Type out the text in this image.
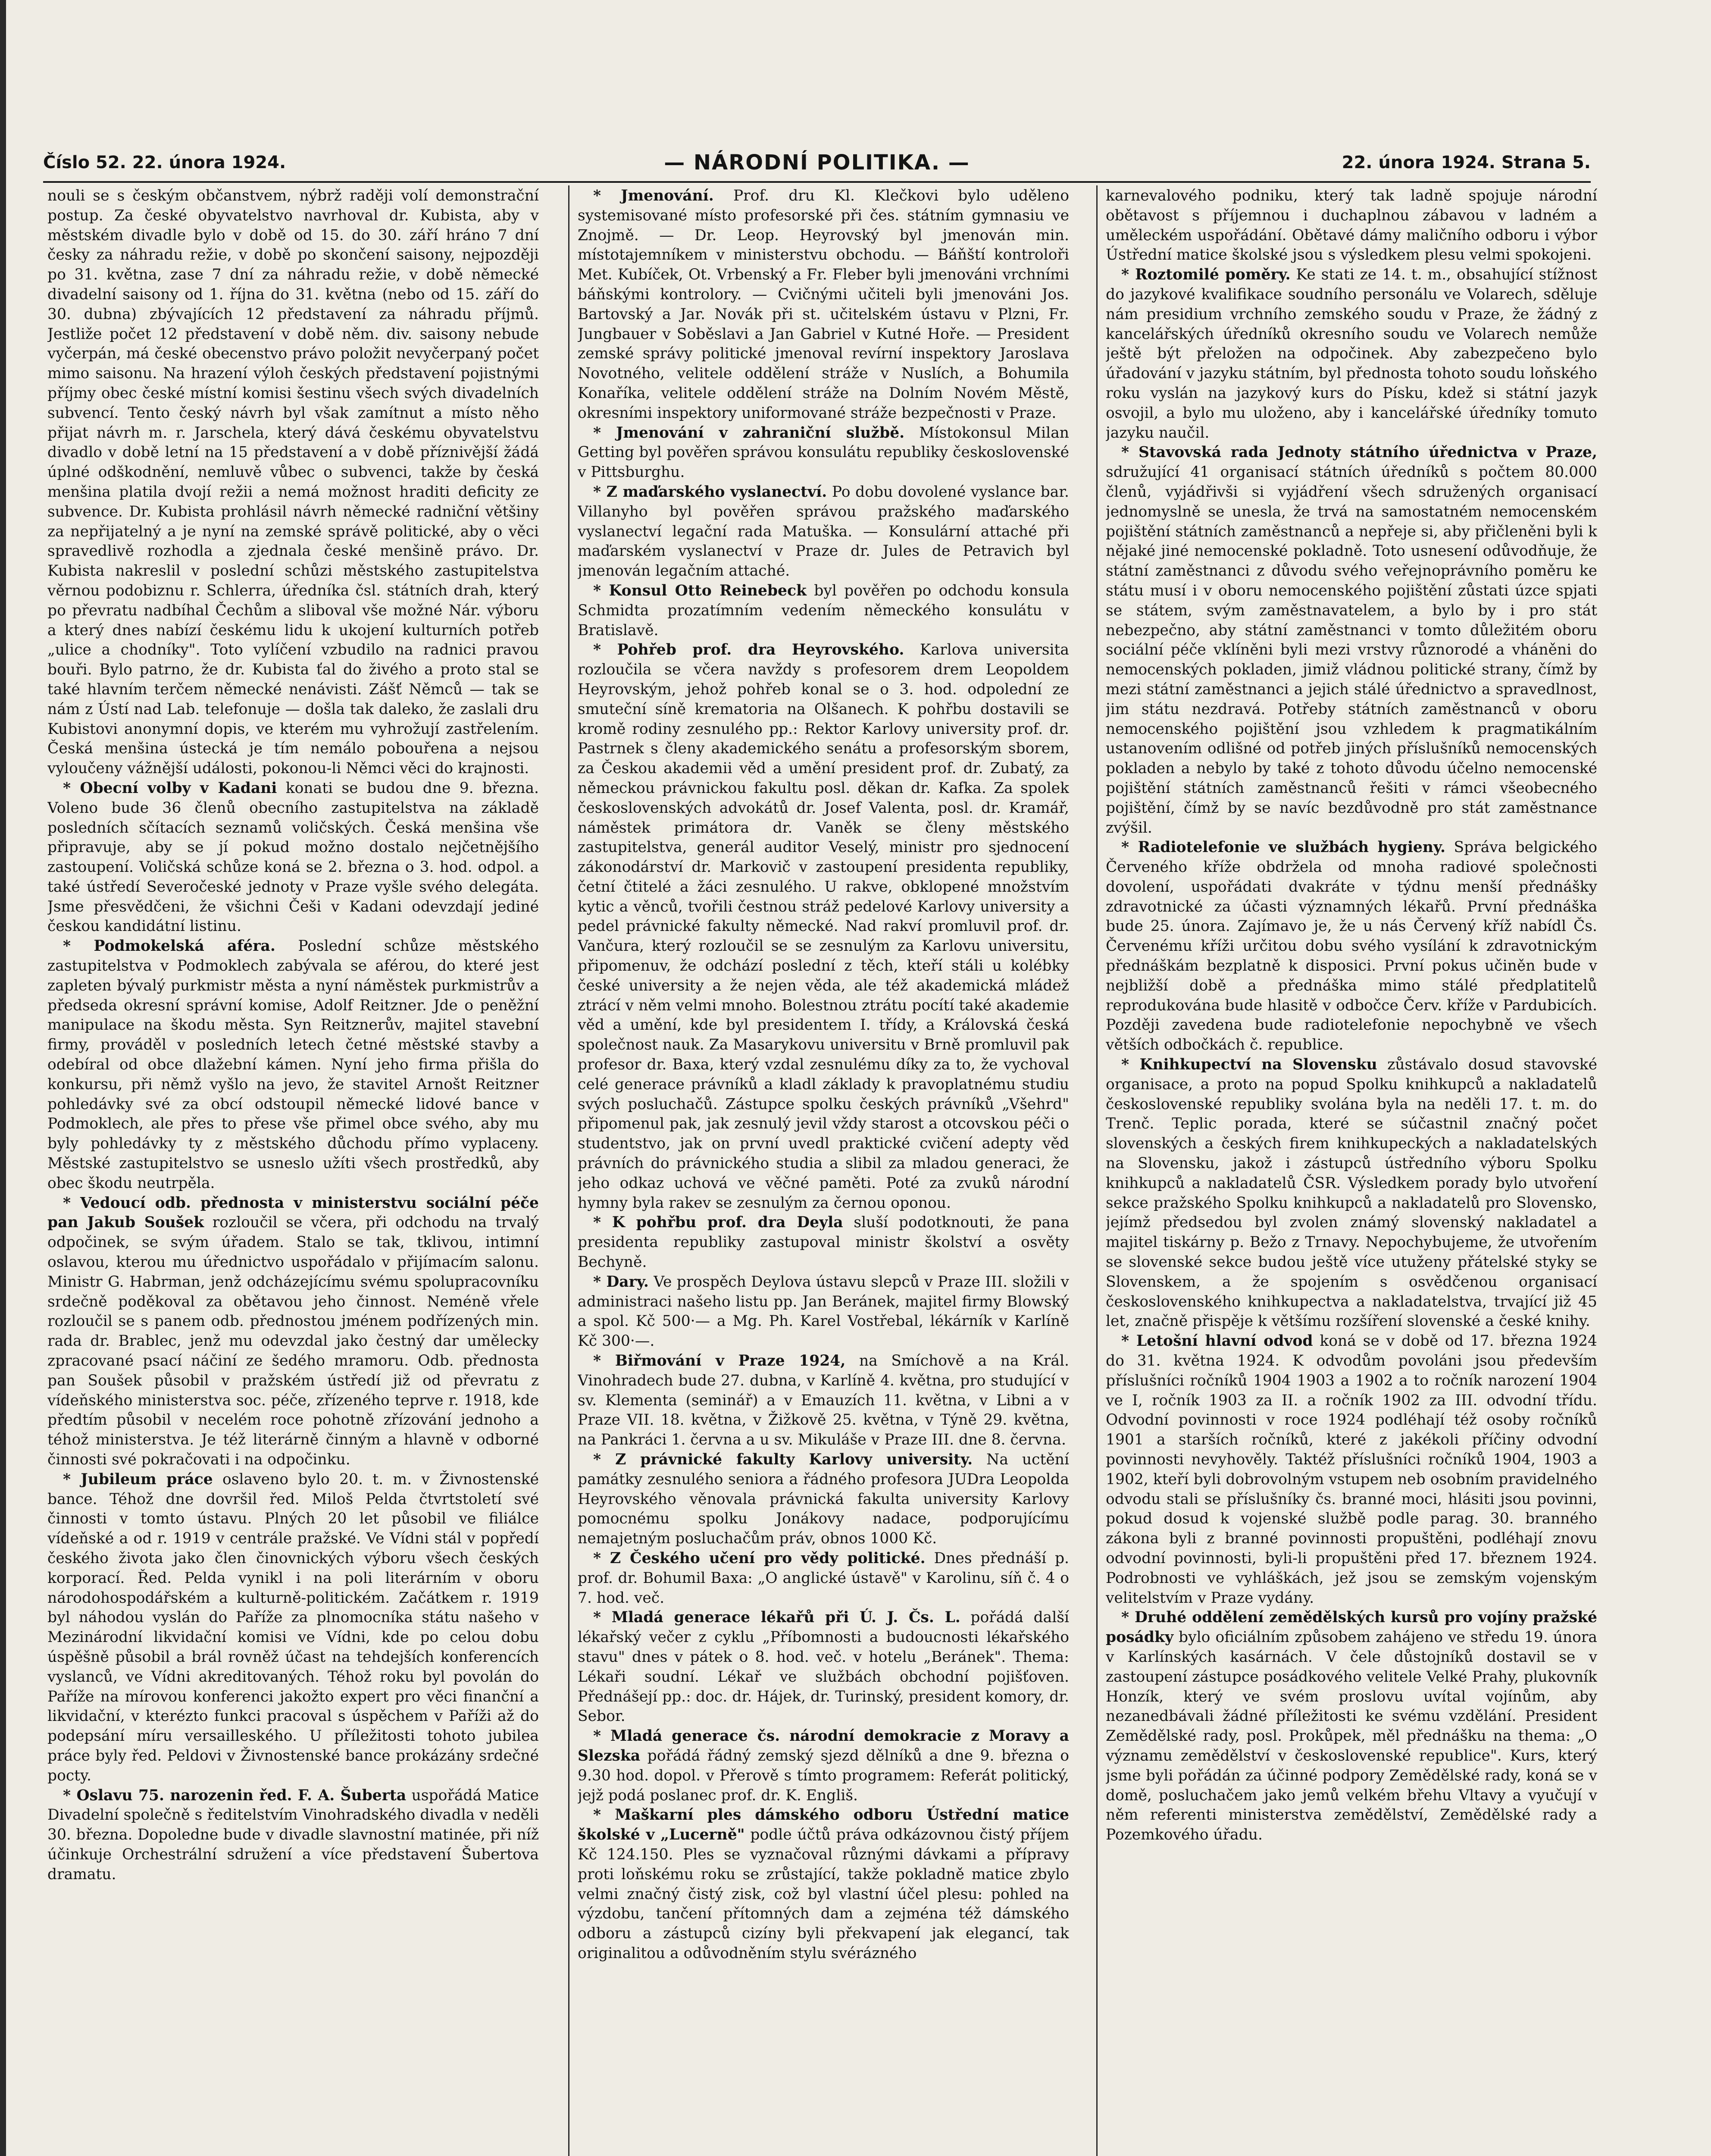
Číslo 52. 22. února 1924.	— NÁRODNÍ POLITIKA. —	22. února 1924. Strana 5.

nouli se s českým občanstvem, nýbrž raději volí demonstrační postup. Za české obyvatelstvo navrhoval dr. Kubista, aby v městském divadle bylo v době od 15. do 30. září hráno 7 dní česky za náhradu režie, v době po skončení saisony, nejpozději po 31. května, zase 7 dní za náhradu režie, v době německé divadelní saisony od 1. října do 31. května (nebo od 15. září do 30. dubna) zbývajících 12 představení za náhradu příjmů. Jestliže počet 12 představení v době něm. div. saisony nebude vyčerpán, má české obecenstvo právo položit nevyčerpaný počet mimo saisonu. Na hrazení výloh českých představení pojistnými příjmy obec české místní komisi šestinu všech svých divadelních subvencí. Tento český návrh byl však zamítnut a místo něho přijat návrh m. r. Jarschela, který dává českému obyvatelstvu divadlo v době letní na 15 představení a v době příznivější žádá úplné odškodnění, nemluvě vůbec o subvenci, takže by česká menšina platila dvojí režii a nemá možnost hraditi deficity ze subvence. Dr. Kubista prohlásil návrh německé radniční většiny za nepřijatelný a je nyní na zemské správě politické, aby o věci spravedlivě rozhodla a zjednala české menšině právo. Dr. Kubista nakreslil v poslední schůzi městského zastupitelstva věrnou podobiznu r. Schlerra, úředníka čsl. státních drah, který po převratu nadbíhal Čechům a sliboval vše možné Nár. výboru a který dnes nabízí českému lidu k ukojení kulturních potřeb „ulice a chodníky". Toto vylíčení vzbudilo na radnici pravou bouři. Bylo patrno, že dr. Kubista ťal do živého a proto stal se také hlavním terčem německé nenávisti. Zášť Němců — tak se nám z Ústí nad Lab. telefonuje — došla tak daleko, že zaslali dru Kubistovi anonymní dopis, ve kterém mu vyhrožují zastřelením. Česká menšina ústecká je tím nemálo pobouřena a nejsou vyloučeny vážnější události, pokonou-li Němci věci do krajnosti.

* Obecní volby v Kadani konati se budou dne 9. března. Voleno bude 36 členů obecního zastupitelstva na základě posledních sčítacích seznamů voličských. Česká menšina vše připravuje, aby se jí pokud možno dostalo nejčetnějšího zastoupení. Voličská schůze koná se 2. března o 3. hod. odpol. a také ústředí Severočeské jednoty v Praze vyšle svého delegáta. Jsme přesvědčeni, že všichni Češi v Kadani odevzdají jediné českou kandidátní listinu.

* Podmokelská aféra. Poslední schůze městského zastupitelstva v Podmoklech zabývala se aférou, do které jest zapleten bývalý purkmistr města a nyní náměstek purkmistrův a předseda okresní správní komise, Adolf Reitzner. Jde o peněžní manipulace na škodu města. Syn Reitznerův, majitel stavební firmy, prováděl v posledních letech četné městské stavby a odebíral od obce dlažební kámen. Nyní jeho firma přišla do konkursu, při němž vyšlo na jevo, že stavitel Arnošt Reitzner pohledávky své za obcí odstoupil německé lidové bance v Podmoklech, ale přes to přese vše přimel obce svého, aby mu byly pohledávky ty z městského důchodu přímo vyplaceny. Městské zastupitelstvo se usneslo užíti všech prostředků, aby obec škodu neutrpěla.

* Vedoucí odb. přednosta v ministerstvu sociální péče pan Jakub Soušek rozloučil se včera, při odchodu na trvalý odpočinek, se svým úřadem. Stalo se tak, tklivou, intimní oslavou, kterou mu úřednictvo uspořádalo v přijímacím salonu. Ministr G. Habrman, jenž odcházejícímu svému spolupracovníku srdečně poděkoval za obětavou jeho činnost. Neméně vřele rozloučil se s panem odb. přednostou jménem podřízených min. rada dr. Brablec, jenž mu odevzdal jako čestný dar umělecky zpracované psací náčiní ze šedého mramoru. Odb. přednosta pan Soušek působil v pražském ústředí již od převratu z vídeňského ministerstva soc. péče, zřízeného teprve r. 1918, kde předtím působil v necelém roce pohotně zřízování jednoho a téhož ministerstva. Je též literárně činným a hlavně v odborné činnosti své pokračovati i na odpočinku.

* Jubileum práce oslaveno bylo 20. t. m. v Živnostenské bance. Téhož dne dovršil řed. Miloš Pelda čtvrtstoletí své činnosti v tomto ústavu. Plných 20 let působil ve filiálce vídeňské a od r. 1919 v centrále pražské. Ve Vídni stál v popředí českého života jako člen činovnických výboru všech českých korporací. Řed. Pelda vynikl i na poli literárním v oboru národohospodářském a kulturně-politickém. Začátkem r. 1919 byl náhodou vyslán do Paříže za plnomocníka státu našeho v Mezinárodní likvidační komisi ve Vídni, kde po celou dobu úspěšně působil a brál rovněž účast na tehdejších konferencích vyslanců, ve Vídni akreditovaných. Téhož roku byl povolán do Paříže na mírovou konferenci jakožto expert pro věci finanční a likvidační, v kterézto funkci pracoval s úspěchem v Paříži až do podepsání míru versailleského. U příležitosti tohoto jubilea práce byly řed. Peldovi v Živnostenské bance prokázány srdečné pocty.

* Oslavu 75. narozenin řed. F. A. Šuberta uspořádá Matice Divadelní společně s ředitelstvím Vinohradského divadla v neděli 30. března. Dopoledne bude v divadle slavnostní matinée, při níž účinkuje Orchestrální sdružení a více představení Šubertova dramatu.

* Jmenování. Prof. dru Kl. Klečkovi bylo uděleno systemisované místo profesorské při čes. státním gymnasiu ve Znojmě. — Dr. Leop. Heyrovský byl jmenován min. místotajemníkem v ministerstvu obchodu. — Báňští kontroloři Met. Kubíček, Ot. Vrbenský a Fr. Fleber byli jmenováni vrchními báňskými kontrolory. — Cvičnými učiteli byli jmenováni Jos. Bartovský a Jar. Novák při st. učitelském ústavu v Plzni, Fr. Jungbauer v Soběslavi a Jan Gabriel v Kutné Hoře. — President zemské správy politické jmenoval revírní inspektory Jaroslava Novotného, velitele oddělení stráže v Nuslích, a Bohumila Konaříka, velitele oddělení stráže na Dolním Novém Městě, okresními inspektory uniformované stráže bezpečnosti v Praze.

* Jmenování v zahraniční službě. Místokonsul Milan Getting byl pověřen správou konsulátu republiky československé v Pittsburghu.

* Z maďarského vyslanectví. Po dobu dovolené vyslance bar. Villanyho byl pověřen správou pražského maďarského vyslanectví legační rada Matuška. — Konsulární attaché při maďarském vyslanectví v Praze dr. Jules de Petravich byl jmenován legačním attaché.

* Konsul Otto Reinebeck byl pověřen po odchodu konsula Schmidta prozatímním vedením německého konsulátu v Bratislavě.

* Pohřeb prof. dra Heyrovského. Karlova universita rozloučila se včera navždy s profesorem drem Leopoldem Heyrovským, jehož pohřeb konal se o 3. hod. odpolední ze smuteční síně krematoria na Olšanech. K pohřbu dostavili se kromě rodiny zesnulého pp.: Rektor Karlovy university prof. dr. Pastrnek s členy akademického senátu a profesorským sborem, za Českou akademii věd a umění president prof. dr. Zubatý, za německou právnickou fakultu posl. děkan dr. Kafka. Za spolek československých advokátů dr. Josef Valenta, posl. dr. Kramář, náměstek primátora dr. Vaněk se členy městského zastupitelstva, generál auditor Veselý, ministr pro sjednocení zákonodárství dr. Markovič v zastoupení presidenta republiky, četní čtitelé a žáci zesnulého. U rakve, obklopené množstvím kytic a věnců, tvořili čestnou stráž pedelové Karlovy university a pedel právnické fakulty německé. Nad rakví promluvil prof. dr. Vančura, který rozloučil se se zesnulým za Karlovu universitu, připomenuv, že odchází poslední z těch, kteří stáli u kolébky české university a že nejen věda, ale též akademická mládež ztrácí v něm velmi mnoho. Bolestnou ztrátu pocítí také akademie věd a umění, kde byl presidentem I. třídy, a Královská česká společnost nauk. Za Masarykovu universitu v Brně promluvil pak profesor dr. Baxa, který vzdal zesnulému díky za to, že vychoval celé generace právníků a kladl základy k pravoplatnému studiu svých posluchačů. Zástupce spolku českých právníků „Všehrd" připomenul pak, jak zesnulý jevil vždy starost a otcovskou péči o studentstvo, jak on první uvedl praktické cvičení adepty věd právních do právnického studia a slibil za mladou generaci, že jeho odkaz uchová ve věčné paměti. Poté za zvuků národní hymny byla rakev se zesnulým za černou oponou.

* K pohřbu prof. dra Deyla sluší podotknouti, že pana presidenta republiky zastupoval ministr školství a osvěty Bechyně.

* Dary. Ve prospěch Deylova ústavu slepců v Praze III. složili v administraci našeho listu pp. Jan Beránek, majitel firmy Blowský a spol. Kč 500·— a Mg. Ph. Karel Vostřebal, lékárník v Karlíně Kč 300·—.

* Biřmování v Praze 1924, na Smíchově a na Král. Vinohradech bude 27. dubna, v Karlíně 4. května, pro studující v sv. Klementa (seminář) a v Emauzích 11. května, v Libni a v Praze VII. 18. května, v Žižkově 25. května, v Týně 29. května, na Pankráci 1. června a u sv. Mikuláše v Praze III. dne 8. června.

* Z právnické fakulty Karlovy university. Na uctění památky zesnulého seniora a řádného profesora JUDra Leopolda Heyrovského věnovala právnická fakulta university Karlovy pomocnému spolku Jonákovy nadace, podporujícímu nemajetným posluchačům práv, obnos 1000 Kč.

* Z Českého učení pro vědy politické. Dnes přednáší p. prof. dr. Bohumil Baxa: „O anglické ústavě" v Karolinu, síň č. 4 o 7. hod. več.

* Mladá generace lékařů při Ú. J. Čs. L. pořádá další lékařský večer z cyklu „Příbomnosti a budoucnosti lékařského stavu" dnes v pátek o 8. hod. več. v hotelu „Beránek". Thema: Lékaři soudní. Lékař ve službách obchodní pojišťoven. Přednášejí pp.: doc. dr. Hájek, dr. Turinský, president komory, dr. Sebor.

* Mladá generace čs. národní demokracie z Moravy a Slezska pořádá řádný zemský sjezd dělníků a dne 9. března o 9.30 hod. dopol. v Přerově s tímto programem: Referát politický, jejž podá poslanec prof. dr. K. Engliš.

* Maškarní ples dámského odboru Ústřední matice školské v „Lucerně" podle účtů práva odkázovnou čistý příjem Kč 124.150. Ples se vyznačoval různými dávkami a přípravy proti loňskému roku se zrůstající, takže pokladně matice zbylo velmi značný čistý zisk, což byl vlastní účel plesu: pohled na výzdobu, tančení přítomných dam a zejména též dámského odboru a zástupců cizíny byli překvapení jak elegancí, tak originalitou a odůvodněním stylu svérázného

karnevalového podniku, který tak ladně spojuje národní obětavost s příjemnou i duchaplnou zábavou v ladném a uměleckém uspořádání. Obětavé dámy maličního odboru i výbor Ústřední matice školské jsou s výsledkem plesu velmi spokojeni.

* Roztomilé poměry. Ke stati ze 14. t. m., obsahující stížnost do jazykové kvalifikace soudního personálu ve Volarech, sděluje nám presidium vrchního zemského soudu v Praze, že žádný z kancelářských úředníků okresního soudu ve Volarech nemůže ještě být přeložen na odpočinek. Aby zabezpečeno bylo úřadování v jazyku státním, byl přednosta tohoto soudu loňského roku vyslán na jazykový kurs do Písku, kdež si státní jazyk osvojil, a bylo mu uloženo, aby i kancelářské úředníky tomuto jazyku naučil.

* Stavovská rada Jednoty státního úřednictva v Praze, sdružující 41 organisací státních úředníků s počtem 80.000 členů, vyjádřivši si vyjádření všech sdružených organisací jednomyslně se unesla, že trvá na samostatném nemocenském pojištění státních zaměstnanců a nepřeje si, aby přičleněni byli k nějaké jiné nemocenské pokladně. Toto usnesení odůvodňuje, že státní zaměstnanci z důvodu svého veřejnoprávního poměru ke státu musí i v oboru nemocenského pojištění zůstati úzce spjati se státem, svým zaměstnavatelem, a bylo by i pro stát nebezpečno, aby státní zaměstnanci v tomto důležitém oboru sociální péče vklíněni byli mezi vrstvy různorodé a vháněni do nemocenských pokladen, jimiž vládnou politické strany, čímž by mezi státní zaměstnanci a jejich stálé úřednictvo a spravedlnost, jim státu nezdravá. Potřeby státních zaměstnanců v oboru nemocenského pojištění jsou vzhledem k pragmatikálním ustanovením odlišné od potřeb jiných příslušníků nemocenských pokladen a nebylo by také z tohoto důvodu účelno nemocenské pojištění státních zaměstnanců řešiti v rámci všeobecného pojištění, čímž by se navíc bezdůvodně pro stát zaměstnance zvýšil.

* Radiotelefonie ve službách hygieny. Správa belgického Červeného kříže obdržela od mnoha radiové společnosti dovolení, uspořádati dvakráte v týdnu menší přednášky zdravotnické za účasti významných lékařů. První přednáška bude 25. února. Zajímavo je, že u nás Červený kříž nabídl Čs. Červenému kříži určitou dobu svého vysílání k zdravotnickým přednáškám bezplatně k disposici. První pokus učiněn bude v nejbližší době a přednáška mimo stálé předplatitelů reprodukována bude hlasitě v odbočce Červ. kříže v Pardubicích. Později zavedena bude radiotelefonie nepochybně ve všech větších odbočkách č. republice.

* Knihkupectví na Slovensku zůstávalo dosud stavovské organisace, a proto na popud Spolku knihkupců a nakladatelů československé republiky svolána byla na neděli 17. t. m. do Trenč. Teplic porada, které se súčastnil značný počet slovenských a českých firem knihkupeckých a nakladatelských na Slovensku, jakož i zástupců ústředního výboru Spolku knihkupců a nakladatelů ČSR. Výsledkem porady bylo utvoření sekce pražského Spolku knihkupců a nakladatelů pro Slovensko, jejímž předsedou byl zvolen známý slovenský nakladatel a majitel tiskárny p. Bežo z Trnavy. Nepochybujeme, že utvořením se slovenské sekce budou ještě více utuženy přátelské styky se Slovenskem, a že spojením s osvědčenou organisací československého knihkupectva a nakladatelstva, trvající již 45 let, značně přispěje k většímu rozšíření slovenské a české knihy.

* Letošní hlavní odvod koná se v době od 17. března 1924 do 31. května 1924. K odvodům povoláni jsou především příslušníci ročníků 1904 1903 a 1902 a to ročník narození 1904 ve I, ročník 1903 za II. a ročník 1902 za III. odvodní třídu. Odvodní povinnosti v roce 1924 podléhají též osoby ročníků 1901 a starších ročníků, které z jakékoli příčiny odvodní povinnosti nevyhověly. Taktéž příslušníci ročníků 1904, 1903 a 1902, kteří byli dobrovolným vstupem neb osobním pravidelného odvodu stali se příslušníky čs. branné moci, hlásiti jsou povinni, pokud dosud k vojenské službě podle parag. 30. branného zákona byli z branné povinnosti propuštěni, podléhají znovu odvodní povinnosti, byli-li propuštěni před 17. březnem 1924. Podrobnosti ve vyhláškách, jež jsou se zemským vojenským velitelstvím v Praze vydány.

* Druhé oddělení zemědělských kursů pro vojíny pražské posádky bylo oficiálním způsobem zahájeno ve středu 19. února v Karlínských kasárnách. V čele důstojníků dostavil se v zastoupení zástupce posádkového velitele Velké Prahy, plukovník Honzík, který ve svém proslovu uvítal vojínům, aby nezanedbávali žádné příležitosti ke svému vzdělání. President Zemědělské rady, posl. Prokůpek, měl přednášku na thema: „O významu zemědělství v československé republice". Kurs, který jsme byli pořádán za účinné podpory Zemědělské rady, koná se v domě, posluchačem jako jemů velkém břehu Vltavy a vyučují v něm referenti ministerstva zemědělství, Zemědělské rady a Pozemkového úřadu.
